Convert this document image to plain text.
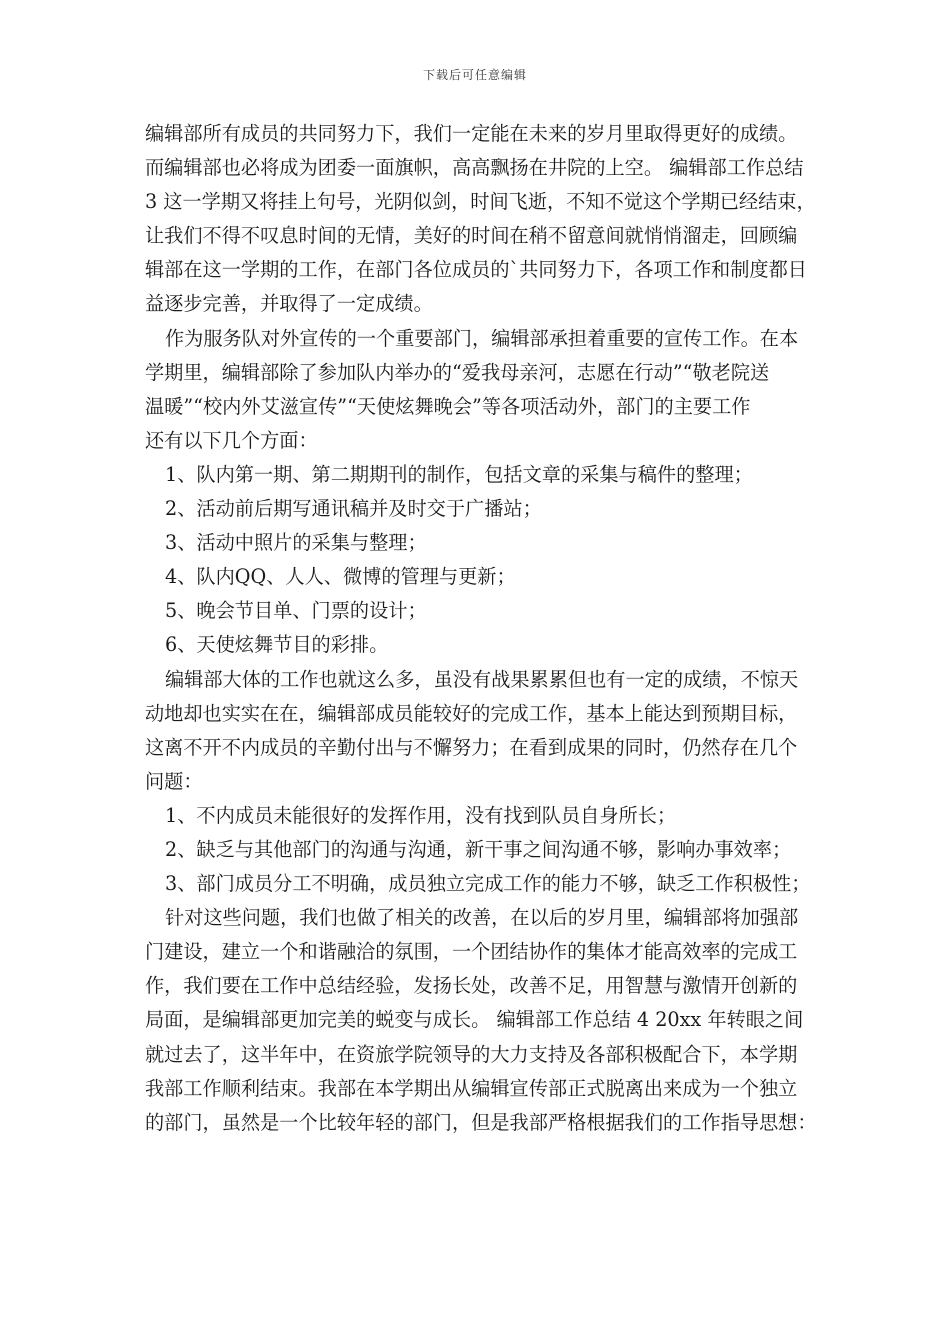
下载后可任意编辑
编辑部所有成员的共同努力下，我们一定能在未来的岁月里取得更好的成绩。
而编辑部也必将成为团委一面旗帜，高高飘扬在井院的上空。 编辑部工作总结
3 这一学期又将挂上句号，光阴似剑，时间飞逝，不知不觉这个学期已经结束，
让我们不得不叹息时间的无情，美好的时间在稍不留意间就悄悄溜走，回顾编
辑部在这一学期的工作，在部门各位成员的`共同努力下，各项工作和制度都日
益逐步完善，并取得了一定成绩。
作为服务队对外宣传的一个重要部门，编辑部承担着重要的宣传工作。在本
学期里，编辑部除了参加队内举办的“爱我母亲河，志愿在行动”“敬老院送
温暖”“校内外艾滋宣传”“天使炫舞晚会”等各项活动外，部门的主要工作
还有以下几个方面：
1、队内第一期、第二期期刊的制作，包括文章的采集与稿件的整理；
2、活动前后期写通讯稿并及时交于广播站；
3、活动中照片的采集与整理；
4、队内QQ、人人、微博的管理与更新；
5、晚会节目单、门票的设计；
6、天使炫舞节目的彩排。
编辑部大体的工作也就这么多，虽没有战果累累但也有一定的成绩，不惊天
动地却也实实在在，编辑部成员能较好的完成工作，基本上能达到预期目标，
这离不开不内成员的辛勤付出与不懈努力；在看到成果的同时，仍然存在几个
问题：
1、不内成员未能很好的发挥作用，没有找到队员自身所长；
2、缺乏与其他部门的沟通与沟通，新干事之间沟通不够，影响办事效率；
3、部门成员分工不明确，成员独立完成工作的能力不够，缺乏工作积极性；
针对这些问题，我们也做了相关的改善，在以后的岁月里，编辑部将加强部
门建设，建立一个和谐融洽的氛围，一个团结协作的集体才能高效率的完成工
作，我们要在工作中总结经验，发扬长处，改善不足，用智慧与激情开创新的
局面，是编辑部更加完美的蜕变与成长。 编辑部工作总结 4 20xx 年转眼之间
就过去了，这半年中，在资旅学院领导的大力支持及各部积极配合下，本学期
我部工作顺利结束。我部在本学期出从编辑宣传部正式脱离出来成为一个独立
的部门，虽然是一个比较年轻的部门，但是我部严格根据我们的工作指导思想：
